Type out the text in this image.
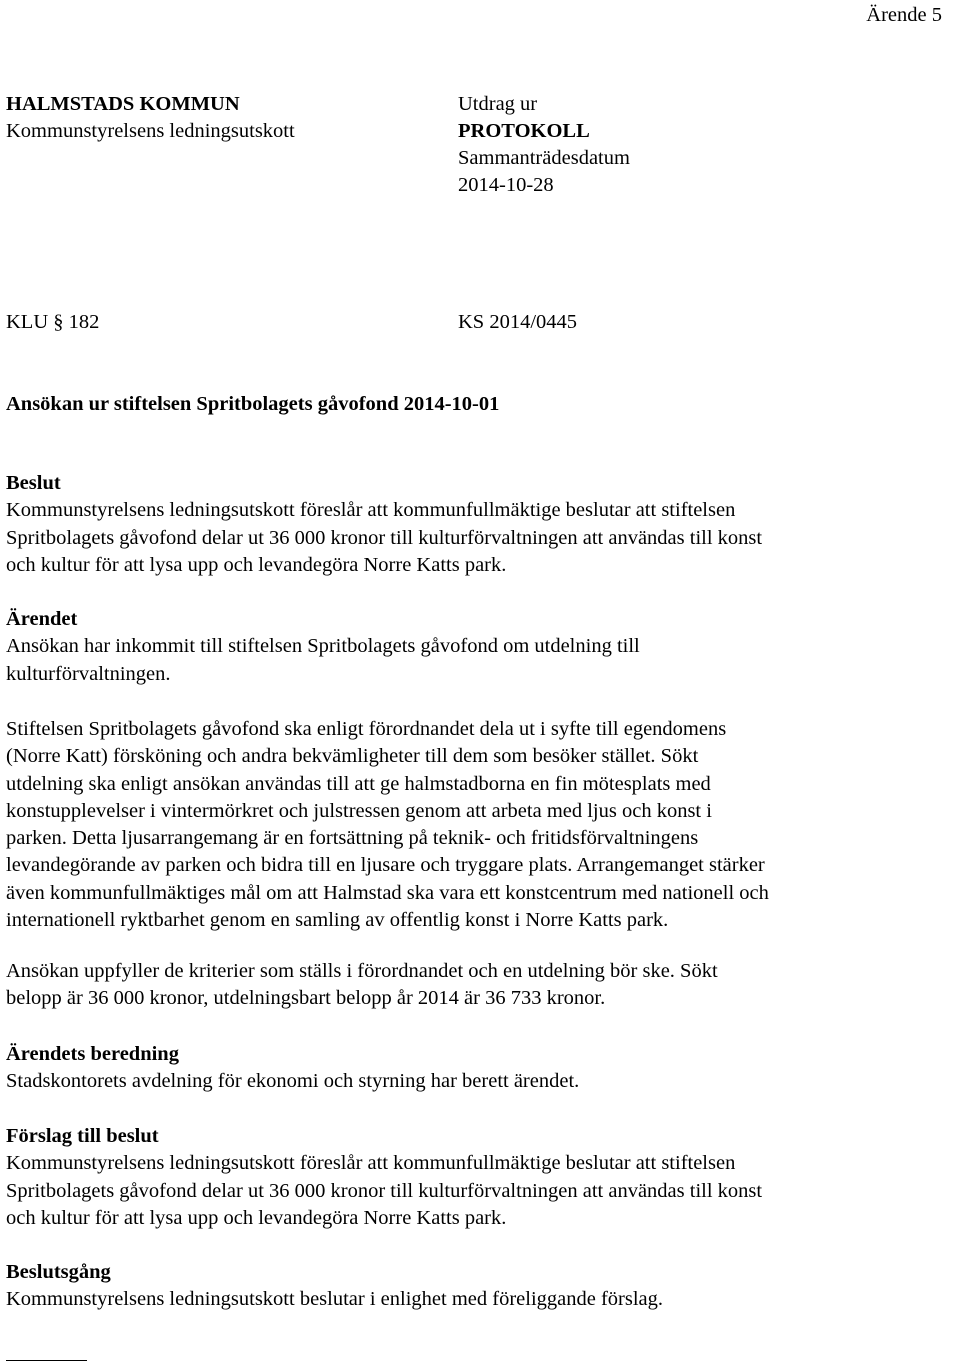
Ärende 5
HALMSTADS KOMMUN
Kommunstyrelsens ledningsutskott
Utdrag ur
PROTOKOLL
Sammanträdesdatum
2014-10-28
KLU § 182	KS 2014/0445
Ansökan ur stiftelsen Spritbolagets gåvofond 2014-10-01
Beslut
Kommunstyrelsens ledningsutskott föreslår att kommunfullmäktige beslutar att stiftelsen
Spritbolagets gåvofond delar ut 36 000 kronor till kulturförvaltningen att användas till konst
och kultur för att lysa upp och levandegöra Norre Katts park.
Ärendet
Ansökan har inkommit till stiftelsen Spritbolagets gåvofond om utdelning till
kulturförvaltningen.
Stiftelsen Spritbolagets gåvofond ska enligt förordnandet dela ut i syfte till egendomens
(Norre Katt) försköning och andra bekvämligheter till dem som besöker stället. Sökt
utdelning ska enligt ansökan användas till att ge halmstadborna en fin mötesplats med
konstupplevelser i vintermörkret och julstressen genom att arbeta med ljus och konst i
parken. Detta ljusarrangemang är en fortsättning på teknik- och fritidsförvaltningens
levandegörande av parken och bidra till en ljusare och tryggare plats. Arrangemanget stärker
även kommunfullmäktiges mål om att Halmstad ska vara ett konstcentrum med nationell och
internationell ryktbarhet genom en samling av offentlig konst i Norre Katts park.
Ansökan uppfyller de kriterier som ställs i förordnandet och en utdelning bör ske. Sökt
belopp är 36 000 kronor, utdelningsbart belopp år 2014 är 36 733 kronor.
Ärendets beredning
Stadskontorets avdelning för ekonomi och styrning har berett ärendet.
Förslag till beslut
Kommunstyrelsens ledningsutskott föreslår att kommunfullmäktige beslutar att stiftelsen
Spritbolagets gåvofond delar ut 36 000 kronor till kulturförvaltningen att användas till konst
och kultur för att lysa upp och levandegöra Norre Katts park.
Beslutsgång
Kommunstyrelsens ledningsutskott beslutar i enlighet med föreliggande förslag.
